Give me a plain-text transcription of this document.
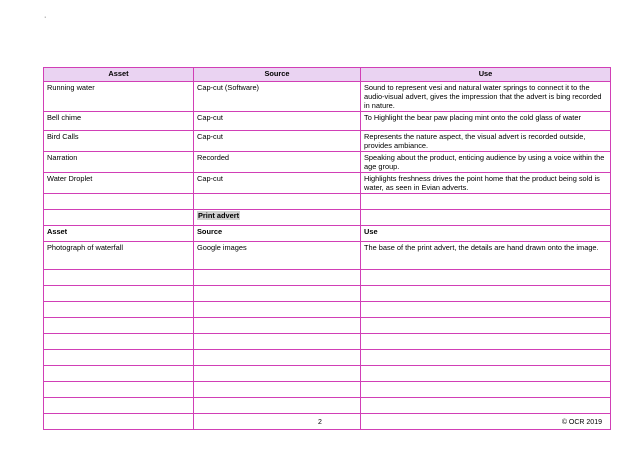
·
Asset	Source	Use
Running water	Cap-cut (Software)	Sound to represent vesi and natural water springs to connect it to the audio-visual advert, gives the impression that the advert is bing recorded in nature.
Bell chime	Cap-cut	To Highlight the bear paw placing mint onto the cold glass of water
Bird Calls	Cap-cut	Represents the nature aspect, the visual advert is recorded outside, provides ambiance.
Narration	Recorded	Speaking about the product, enticing audience by using a voice within the age group.
Water Droplet	Cap-cut	Highlights freshness drives the point home that the product being sold is water, as seen in Evian adverts.

	Print advert	
Asset	Source	Use
Photograph of waterfall	Google images	The base of the print advert, the details are hand drawn onto the image.

2	© OCR 2019
